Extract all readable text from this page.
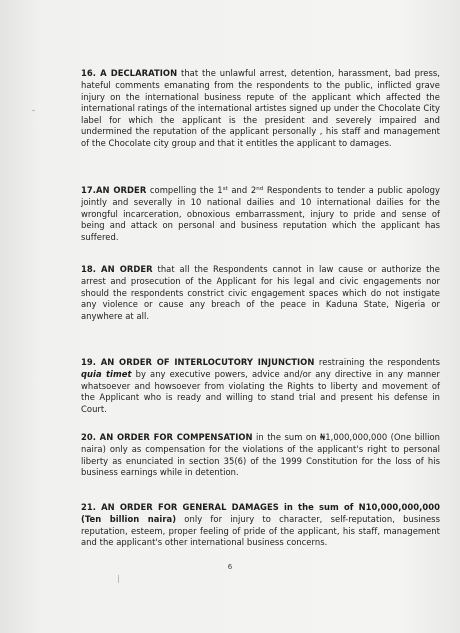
16. A DECLARATION that the unlawful arrest, detention, harassment, bad press, hateful comments emanating from the respondents to the public, inflicted grave injury on the international business repute of the applicant which affected the international ratings of the international artistes signed up under the Chocolate City label for which the applicant is the president and severely impaired and undermined the reputation of the applicant personally , his staff and management of the Chocolate city group and that it entitles the applicant to damages.

17.AN ORDER compelling the 1st and 2nd Respondents to tender a public apology jointly and severally in 10 national dailies and 10 international dailies for the wrongful incarceration, obnoxious embarrassment, injury to pride and sense of being and attack on personal and business reputation which the applicant has suffered.

18. AN ORDER that all the Respondents cannot in law cause or authorize the arrest and prosecution of the Applicant for his legal and civic engagements nor should the respondents constrict civic engagement spaces which do not instigate any violence or cause any breach of the peace in Kaduna State, Nigeria or anywhere at all.

19. AN ORDER OF INTERLOCUTORY INJUNCTION restraining the respondents quia timet by any executive powers, advice and/or any directive in any manner whatsoever and howsoever from violating the Rights to liberty and movement of the Applicant who is ready and willing to stand trial and present his defense in Court.

20. AN ORDER FOR COMPENSATION in the sum on ₦1,000,000,000 (One billion naira) only as compensation for the violations of the applicant's right to personal liberty as enunciated in section 35(6) of the 1999 Constitution for the loss of his business earnings while in detention.

21. AN ORDER FOR GENERAL DAMAGES in the sum of N10,000,000,000 (Ten billion naira) only for injury to character, self-reputation, business reputation, esteem, proper feeling of pride of the applicant, his staff, management and the applicant's other international business concerns.

6
